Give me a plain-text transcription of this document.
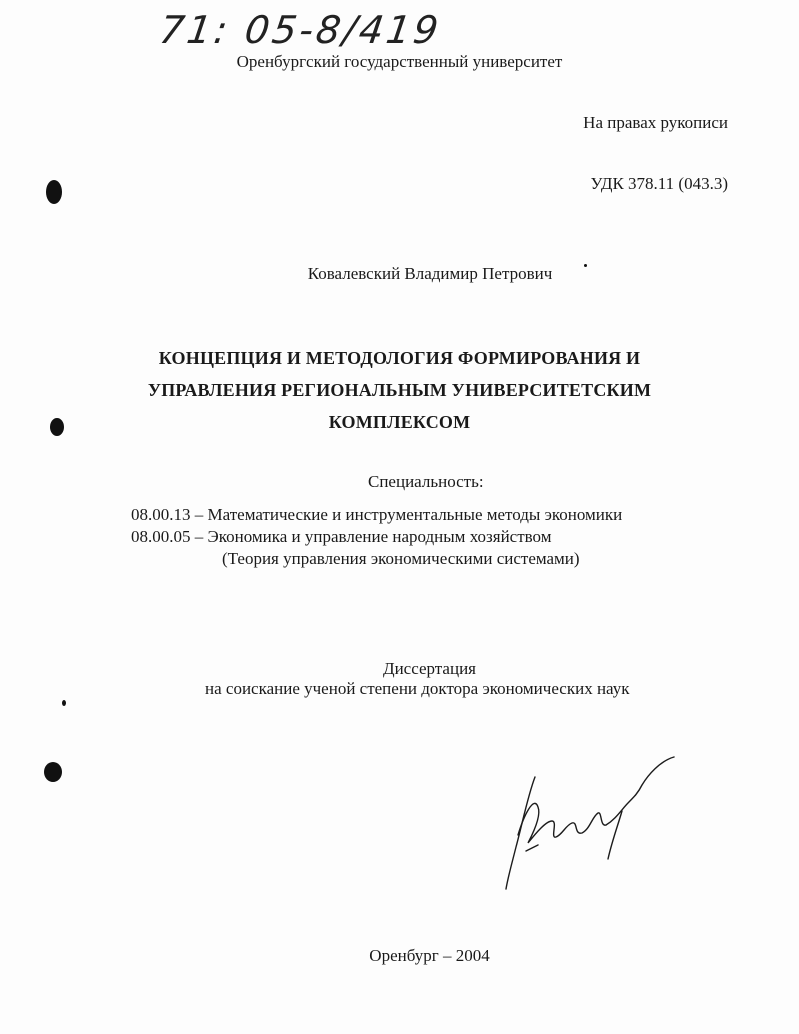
71: 05-8/419
Оренбургский государственный университет
На правах рукописи
УДК 378.11 (043.3)
Ковалевский Владимир Петрович
КОНЦЕПЦИЯ И МЕТОДОЛОГИЯ ФОРМИРОВАНИЯ И
УПРАВЛЕНИЯ РЕГИОНАЛЬНЫМ УНИВЕРСИТЕТСКИМ
КОМПЛЕКСОМ
Специальность:
08.00.13 – Математические и инструментальные методы экономики
08.00.05 – Экономика и управление народным хозяйством
(Теория управления экономическими системами)
Диссертация
на соискание ученой степени доктора экономических наук
Оренбург – 2004
